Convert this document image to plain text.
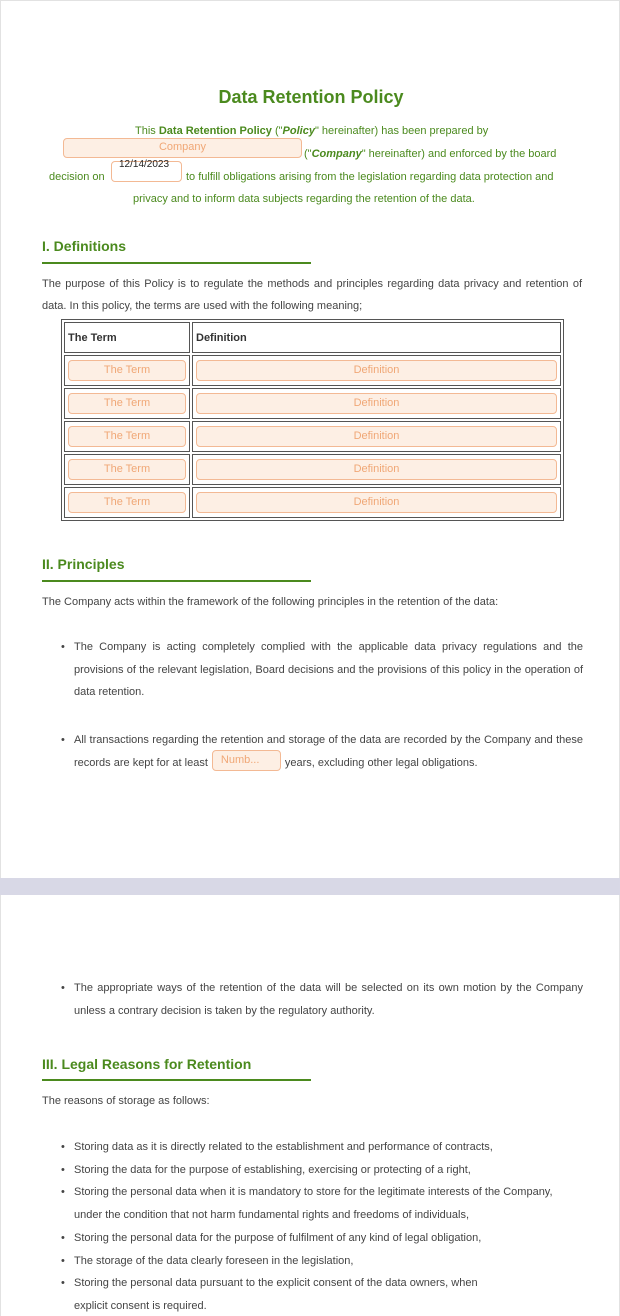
Data Retention Policy
This Data Retention Policy ("Policy" hereinafter) has been prepared by
Company
("Company" hereinafter) and enforced by the board
decision on
12/14/2023
to fulfill obligations arising from the legislation regarding data protection and
privacy and to inform data subjects regarding the retention of the data.
I. Definitions
The purpose of this Policy is to regulate the methods and principles regarding data privacy and retention of data. In this policy, the terms are used with the following meaning;
The Term	Definition

The Term	Definition

The Term	Definition

The Term	Definition

The Term	Definition

The Term	Definition
II. Principles
The Company acts within the framework of the following principles in the retention of the data:
• The Company is acting completely complied with the applicable data privacy regulations and the provisions of the relevant legislation, Board decisions and the provisions of this policy in the operation of data retention.
• All transactions regarding the retention and storage of the data are recorded by the Company and these records are kept for at least Numb... years, excluding other legal obligations.
• The appropriate ways of the retention of the data will be selected on its own motion by the Company unless a contrary decision is taken by the regulatory authority.
III. Legal Reasons for Retention
The reasons of storage as follows:
• Storing data as it is directly related to the establishment and performance of contracts,
• Storing the data for the purpose of establishing, exercising or protecting of a right,
• Storing the personal data when it is mandatory to store for the legitimate interests of the Company, under the condition that not harm fundamental rights and freedoms of individuals,
• Storing the personal data for the purpose of fulfilment of any kind of legal obligation,
• The storage of the data clearly foreseen in the legislation,
• Storing the personal data pursuant to the explicit consent of the data owners, when explicit consent is required.
